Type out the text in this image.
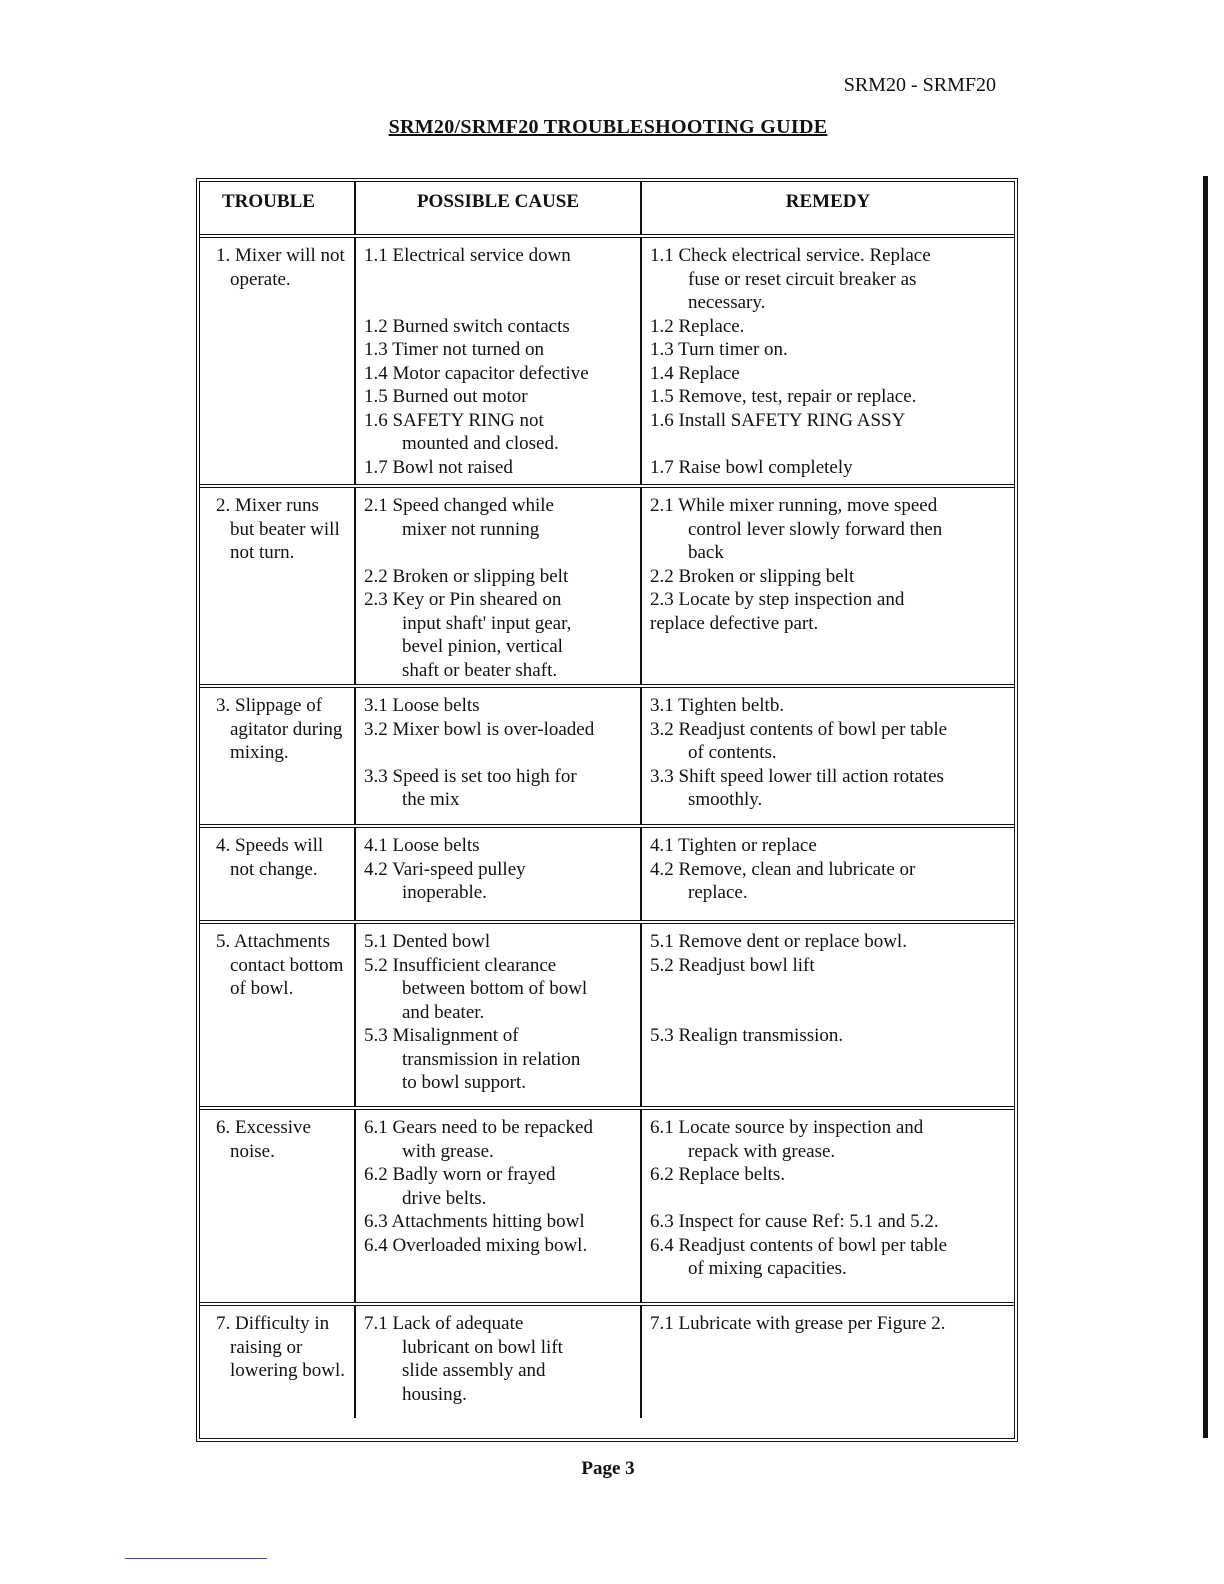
SRM20 - SRMF20
SRM20/SRMF20 TROUBLESHOOTING GUIDE
TROUBLE	POSSIBLE CAUSE	REMEDY
1. Mixer will not operate.
1.1 Electrical service down

1.2 Burned switch contacts
1.3 Timer not turned on
1.4 Motor capacitor defective
1.5 Burned out motor
1.6 SAFETY RING not
mounted and closed.
1.7 Bowl not raised
1.1 Check electrical service. Replace
fuse or reset circuit breaker as
necessary.
1.2 Replace.
1.3 Turn timer on.
1.4 Replace
1.5 Remove, test, repair or replace.
1.6 Install SAFETY RING ASSY

1.7 Raise bowl completely
2. Mixer runs but beater will not turn.
2.1 Speed changed while
mixer not running

2.2 Broken or slipping belt
2.3 Key or Pin sheared on
input shaft' input gear,
bevel pinion, vertical
shaft or beater shaft.
2.1 While mixer running, move speed
control lever slowly forward then
back
2.2 Broken or slipping belt
2.3 Locate by step inspection and
replace defective part.
3. Slippage of agitator during mixing.
3.1 Loose belts
3.2 Mixer bowl is over-loaded

3.3 Speed is set too high for
the mix
3.1 Tighten beltb.
3.2 Readjust contents of bowl per table
of contents.
3.3 Shift speed lower till action rotates
smoothly.
4. Speeds will not change.
4.1 Loose belts
4.2 Vari-speed pulley
inoperable.
4.1 Tighten or replace
4.2 Remove, clean and lubricate or
replace.
5. Attachments contact bottom of bowl.
5.1 Dented bowl
5.2 Insufficient clearance
between bottom of bowl
and beater.
5.3 Misalignment of
transmission in relation
to bowl support.
5.1 Remove dent or replace bowl.
5.2 Readjust bowl lift

5.3 Realign transmission.
6. Excessive noise.
6.1 Gears need to be repacked
with grease.
6.2 Badly worn or frayed
drive belts.
6.3 Attachments hitting bowl
6.4 Overloaded mixing bowl.
6.1 Locate source by inspection and
repack with grease.
6.2 Replace belts.

6.3 Inspect for cause Ref: 5.1 and 5.2.
6.4 Readjust contents of bowl per table
of mixing capacities.
7. Difficulty in raising or lowering bowl.
7.1 Lack of adequate
lubricant on bowl lift
slide assembly and
housing.
7.1 Lubricate with grease per Figure 2.
Page 3
